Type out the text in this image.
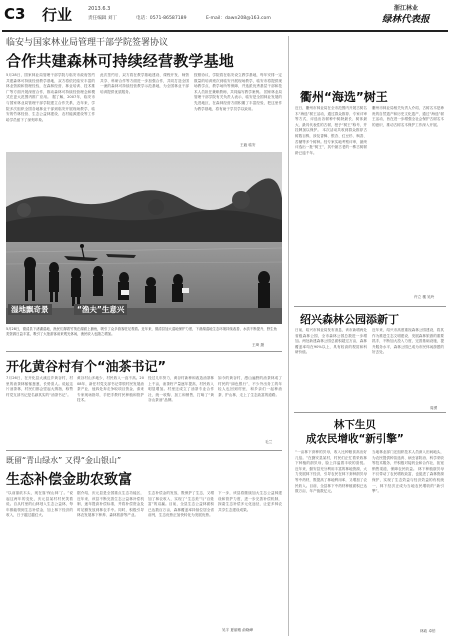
C3 行业	2013.6.3
责任编辑 刘丁	电话：0571-86587189	E-mail：dawn208@163.com
浙江林业
绿林代表报
临安与国家林业局管理干部学院签署协议
合作共建森林可持续经营教学基地
5月28日，国家林业局管理干部学院与临安市政府签约共建森林可持续经营教学基地，双方将依托临安丰富的林业资源和管理经验，在森林经营、林业培训、技术推广等方面开展深度合作，推动森林可持续经营理念和模式在更大范围内推广应用。 据了解，2007年，临安市与国家林业局管理干部学院建立合作关系，近年来，学院多次组织全国各地林业干部到临安开展现场教学，临安的竹林经营、生态公益林建设、农村能源建设等工作给学员留下了深刻印象。
此次签约后，双方将在教学基地建设、课程开发、师资共享、科研合作等方面进一步加强合作，共同打造全国一流的森林可持续经营教学示范基地，为全国林业干部培训提供优质服务。
按照协议，学院将在临安设立教学基地，每年安排一定数量的培训班次到临安开展现场教学，临安市将提供现场教学点、教学场所等保障，并选派优秀基层干部和技术人员担任兼职教师，共同编写教学案例。 国家林业局管理干部学院有关负责人表示，临安是全国林业发展的先进地区，在森林经营方面积累了丰富经验，把这里作为教学基地，将有助于学员学以致用。
王毅 临安
湿地飘奇景	“渔夫”生意兴
5月28日，德清县下渚湖湿地，渔民们撑着竹筏在湖面上捕鱼，吸引了众多游客驻足观看。近年来，德清县加大湿地保护力度，下渚湖湿地生态环境持续改善，水质不断提升，野生鱼类资源日益丰富，吸引了大批游客前来观光休闲，渔民收入也随之增加。
王琦 摄
开化黄谷村有个“油茶书记”
7月26日，在开化县大溪边乡黄谷村，村里的油茶林郁郁葱葱，长势喜人。说起这片油茶林，村民们都会竖起大拇指，称赞村党支部书记是名副其实的“油茶书记”。
黄谷村山多地少，村民收入一直不高。2008年，新任村党支部书记带领村民发展油茶产业，他四处奔走争取项目资金，请来专家现场指导，手把手教村民种植和管护技术。
经过几年努力，黄谷村新种和改造油茶林上千亩，油茶籽产量逐年提高，村民收入明显增加。村里还成立了油茶专业合作社，统一收购、加工和销售，打响了“黄谷山茶油”品牌。
如今的黄谷村，漫山遍野的油茶林成了村民的“绿色银行”，不少外出务工的年轻人也回到村里，和乡亲们一起种油茶、护山林，走上了生态致富的道路。
毛兰
既留“青山绿水” 又得“金山银山”
生态补偿金助农致富
“以前靠砍木头，现在靠‘保山林’了。”说起这两年的变化，庆元县某村村民笑着说。自从村里的山林划入生态公益林，每年都能领到生态补偿金，加上林下经济的收入，日子越过越红火。
据介绍，庆元县是全国重点生态功能区，近年来，该县不断完善生态公益林补偿机制，逐年提高补偿标准，并将补偿资金及时足额发放到林农手中。同时，积极引导林农发展林下种养、森林旅游等产业。
生态补偿金的发放，既保护了生态，又增加了林农收入，实现了“生态美”与“百姓富”的双赢。目前，全县生态公益林面积已达数百万亩，森林覆盖率持续位居全省前列，生态优势正加快转化为发展优势。
下一步，该县将继续加大生态公益林建设和管护力度，进一步完善补偿机制，探索生态补偿多元化途径，让更多林农共享生态建设成果。
吴宇 夏丽雅 俞晓峰
衢州“海选”树王
近日，衢州市林业局在全市范围内开展古树名木“海选”树王活动，通过群众推荐、专家评审等方式，评选出各树种中树龄最长、树体最大、最具代表性的古树，授予“树王”称号，并挂牌加以保护。 本次活动共收到群众推荐古树数百株，涉及香樟、银杏、红豆杉、枫香、苦槠等多个树种。经专家实地考察评审，最终评选出一批“树王”，其中最古老的一株古树树龄已逾千年。
衢州市林业局相关负责人介绍，古树名木是珍贵的自然遗产和历史文化遗产，通过“海选”树王活动，旨在进一步增强全社会保护古树名木的意识，推动古树名木保护工作深入开展。
许立 楼 吴玲
绍兴森林公园添新丁
日前，绍兴市林业局发布消息，该市新增两处省级森林公园，全市森林公园总数进一步增加。两处新建森林公园总面积超过万亩，森林覆盖率均在90%以上，具有较高的观赏和科研价值。
近年来，绍兴市高度重视森林公园建设，将其作为推进生态文明建设、发展森林旅游的重要抓手，不断加大投入力度，完善基础设施，提升服务水平，森林公园已成为市民休闲游憩的好去处。
周勇
林下生贝
成农民增收“新引擎”
“一亩林下套种的贝母，收入比种粮食高出好几倍。”在磐安县某村，村民们正忙着采收林下种植的浙贝母，脸上洋溢着丰收的喜悦。 近年来，磐安县充分利用丰富的林地资源，大力发展林下经济，引导农民在林下套种浙贝母等中药材，既提高了林地利用率，又增加了农民收入。目前，全县林下中药材种植面积已达数万亩，年产值数亿元。
当地林业部门还组织技术人员深入田间地头，为农民提供种苗选育、病虫害防治、科学采收等技术服务，并积极对接药企和合作社，拓宽销售渠道，保障农民收益。 林下种植浙贝母不仅带动了农民增收致富，也促进了森林资源保护，实现了生态效益与经济效益的有机统一，林下经济正成为当地农民增收的“新引擎”。
林政 卓伯
